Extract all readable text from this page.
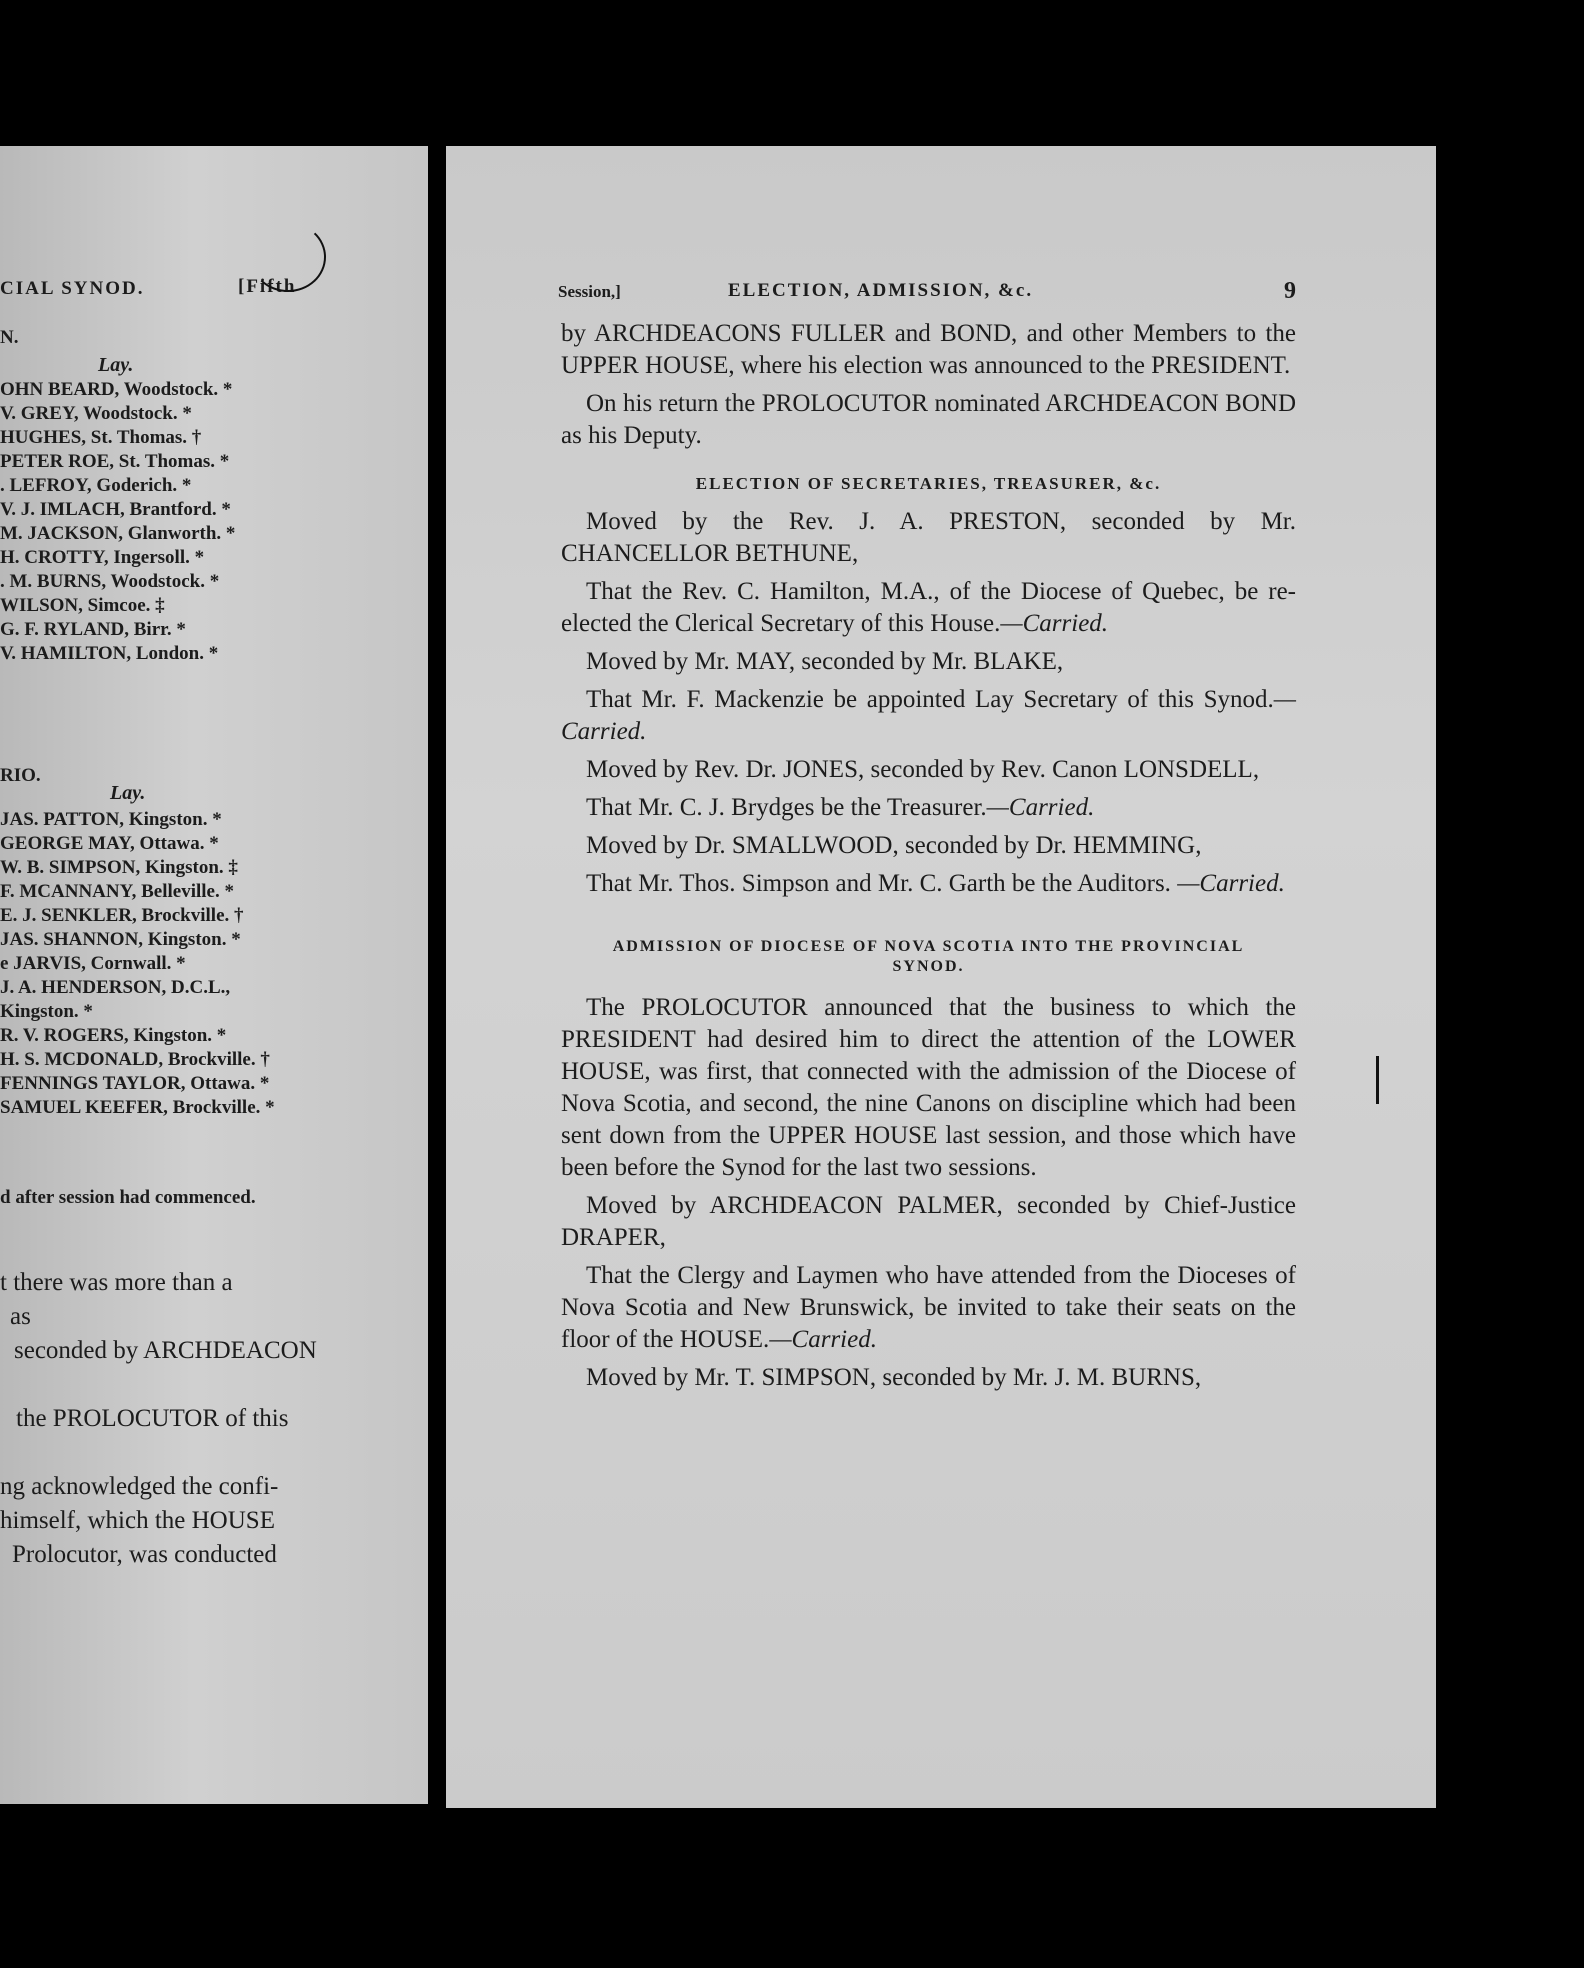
CIAL SYNOD.	[Fifth
N.
Lay.
OHN BEARD, Woodstock. *
V. GREY, Woodstock. *
HUGHES, St. Thomas. †
PETER ROE, St. Thomas. *
. LEFROY, Goderich. *
V. J. IMLACH, Brantford. *
M. JACKSON, Glanworth. *
H. CROTTY, Ingersoll. *
. M. BURNS, Woodstock. *
WILSON, Simcoe. ‡
G. F. RYLAND, Birr. *
V. HAMILTON, London. *
RIO.
Lay.
JAS. PATTON, Kingston. *
GEORGE MAY, Ottawa. *
W. B. SIMPSON, Kingston. ‡
F. MCANNANY, Belleville. *
E. J. SENKLER, Brockville. †
JAS. SHANNON, Kingston. *
e JARVIS, Cornwall. *
J. A. HENDERSON, D.C.L.,
Kingston. *
R. V. ROGERS, Kingston. *
H. S. MCDONALD, Brockville. †
FENNINGS TAYLOR, Ottawa. *
SAMUEL KEEFER, Brockville. *
d after session had commenced.
t there was more than a
as
seconded by ARCHDEACON

the PROLOCUTOR of this

ng acknowledged the confi-
himself, which the HOUSE
Prolocutor, was conducted
Session,]	ELECTION, ADMISSION, &c.	9

by ARCHDEACONS FULLER and BOND, and other Members to the UPPER HOUSE, where his election was announced to the PRESIDENT.

On his return the PROLOCUTOR nominated ARCHDEACON BOND as his Deputy.

ELECTION OF SECRETARIES, TREASURER, &c.

Moved by the Rev. J. A. PRESTON, seconded by Mr. CHANCELLOR BETHUNE,

That the Rev. C. Hamilton, M.A., of the Diocese of Quebec, be re-elected the Clerical Secretary of this House.—Carried.

Moved by Mr. MAY, seconded by Mr. BLAKE,

That Mr. F. Mackenzie be appointed Lay Secretary of this Synod.—Carried.

Moved by Rev. Dr. JONES, seconded by Rev. Canon LONSDELL,

That Mr. C. J. Brydges be the Treasurer.—Carried.

Moved by Dr. SMALLWOOD, seconded by Dr. HEMMING,

That Mr. Thos. Simpson and Mr. C. Garth be the Auditors. —Carried.

ADMISSION OF DIOCESE OF NOVA SCOTIA INTO THE PROVINCIAL
SYNOD.

The PROLOCUTOR announced that the business to which the PRESIDENT had desired him to direct the attention of the LOWER HOUSE, was first, that connected with the admission of the Diocese of Nova Scotia, and second, the nine Canons on discipline which had been sent down from the UPPER HOUSE last session, and those which have been before the Synod for the last two sessions.

Moved by ARCHDEACON PALMER, seconded by Chief-Justice DRAPER,

That the Clergy and Laymen who have attended from the Dioceses of Nova Scotia and New Brunswick, be invited to take their seats on the floor of the HOUSE.—Carried.

Moved by Mr. T. SIMPSON, seconded by Mr. J. M. BURNS,
